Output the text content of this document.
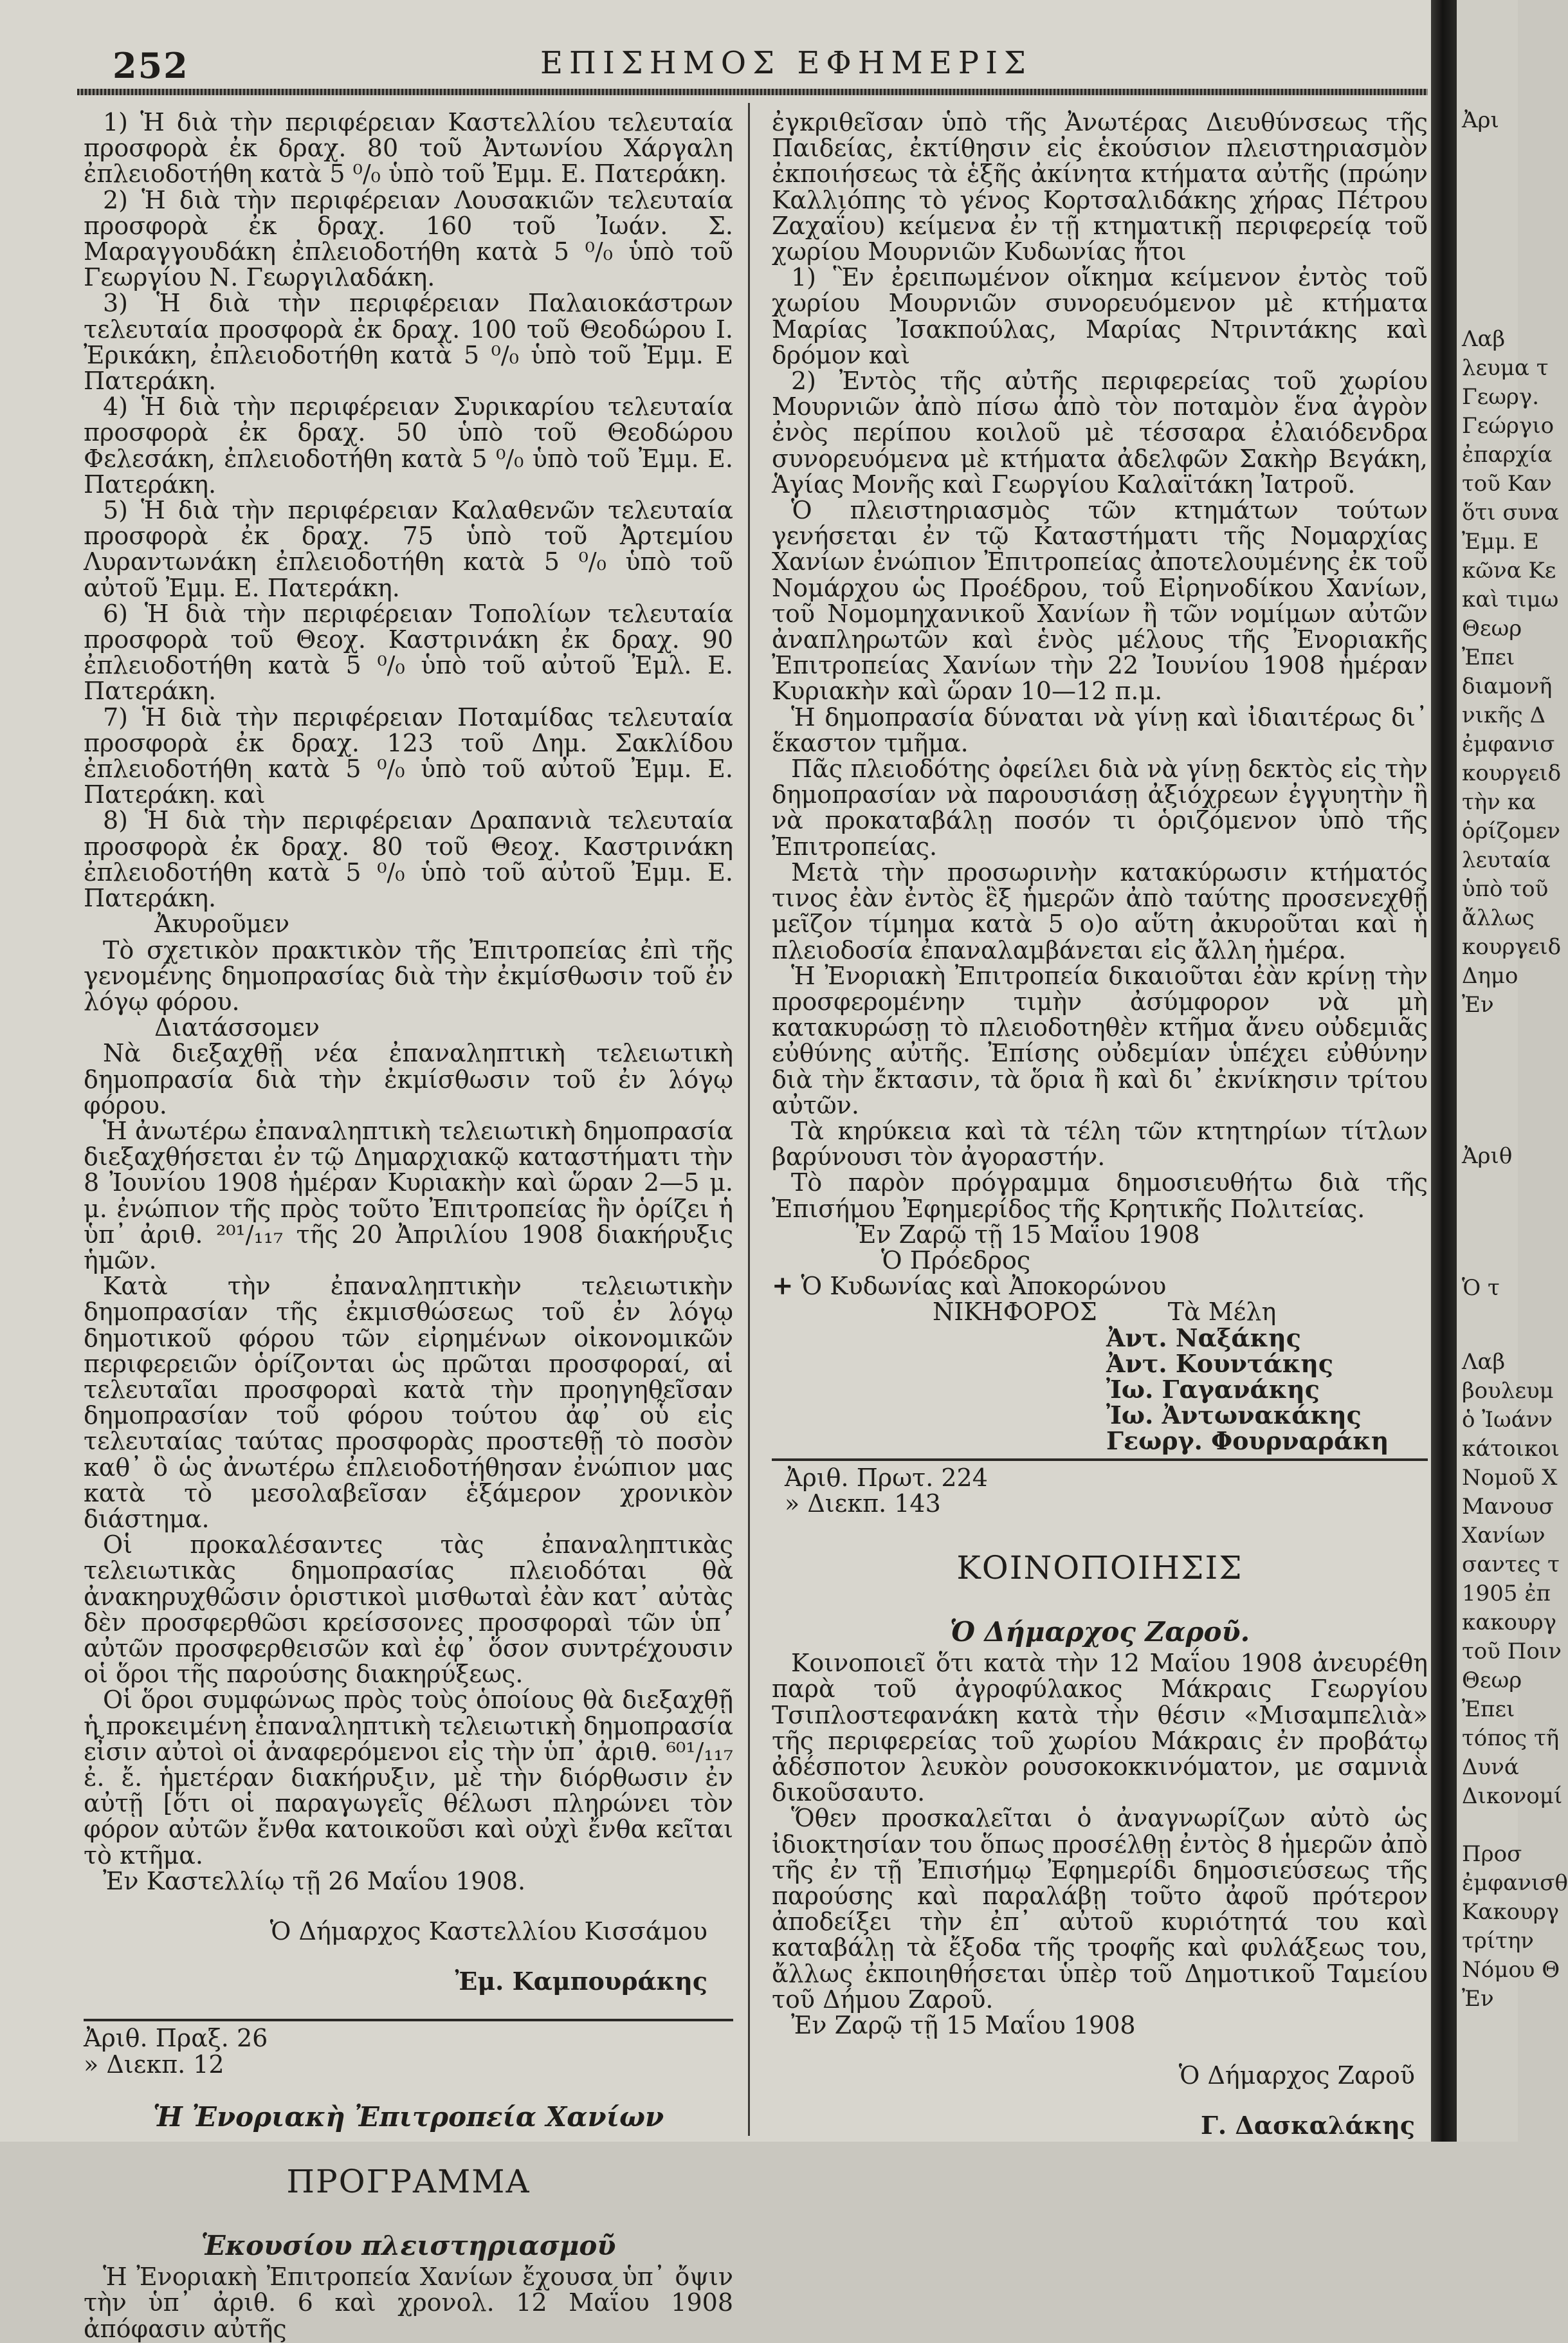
252	ΕΠΙΣΗΜΟΣ ΕΦΗΜΕΡΙΣ

1) Ἡ διὰ τὴν περιφέρειαν Καστελλίου τελευταία προσφορὰ ἐκ δραχ. 80 τοῦ Ἀντωνίου Χάργαλη ἐπλειοδοτήθη κατὰ 5 ⁰/₀ ὑπὸ τοῦ Ἐμμ. Ε. Πατεράκη.

2) Ἡ διὰ τὴν περιφέρειαν Λουσακιῶν τελευταία προσφορὰ ἐκ δραχ. 160 τοῦ Ἰωάν. Σ. Μαραγγουδάκη ἐπλειοδοτήθη κατὰ 5 ⁰/₀ ὑπὸ τοῦ Γεωργίου Ν. Γεωργιλαδάκη.

3) Ἡ διὰ τὴν περιφέρειαν Παλαιοκάστρων τελευταία προσφορὰ ἐκ δραχ. 100 τοῦ Θεοδώρου Ι. Ἐρικάκη, ἐπλειοδοτήθη κατὰ 5 ⁰/₀ ὑπὸ τοῦ Ἐμμ. Ε Πατεράκη.

4) Ἡ διὰ τὴν περιφέρειαν Συρικαρίου τελευταία προσφορὰ ἐκ δραχ. 50 ὑπὸ τοῦ Θεοδώρου Φελεσάκη, ἐπλειοδοτήθη κατὰ 5 ⁰/₀ ὑπὸ τοῦ Ἐμμ. Ε. Πατεράκη.

5) Ἡ διὰ τὴν περιφέρειαν Καλαθενῶν τελευταία προσφορὰ ἐκ δραχ. 75 ὑπὸ τοῦ Ἀρτεμίου Λυραντωνάκη ἐπλειοδοτήθη κατὰ 5 ⁰/₀ ὑπὸ τοῦ αὐτοῦ Ἐμμ. Ε. Πατεράκη.

6) Ἡ διὰ τὴν περιφέρειαν Τοπολίων τελευταία προσφορὰ τοῦ Θεοχ. Καστρινάκη ἐκ δραχ. 90 ἐπλειοδοτήθη κατὰ 5 ⁰/₀ ὑπὸ τοῦ αὐτοῦ Ἐμλ. Ε. Πατεράκη.

7) Ἡ διὰ τὴν περιφέρειαν Ποταμίδας τελευταία προσφορὰ ἐκ δραχ. 123 τοῦ Δημ. Σακλίδου ἐπλειοδοτήθη κατὰ 5 ⁰/₀ ὑπὸ τοῦ αὐτοῦ Ἐμμ. Ε. Πατεράκη. καὶ

8) Ἡ διὰ τὴν περιφέρειαν Δραπανιὰ τελευταία προσφορὰ ἐκ δραχ. 80 τοῦ Θεοχ. Καστρινάκη ἐπλειοδοτήθη κατὰ 5 ⁰/₀ ὑπὸ τοῦ αὐτοῦ Ἐμμ. Ε. Πατεράκη.

Ἀκυροῦμεν

Τὸ σχετικὸν πρακτικὸν τῆς Ἐπιτροπείας ἐπὶ τῆς γενομένης δημοπρασίας διὰ τὴν ἐκμίσθωσιν τοῦ ἐν λόγῳ φόρου.

Διατάσσομεν

Νὰ διεξαχθῇ νέα ἐπαναληπτικὴ τελειωτικὴ δημοπρασία διὰ τὴν ἐκμίσθωσιν τοῦ ἐν λόγῳ φόρου.

Ἡ ἀνωτέρω ἐπαναληπτικὴ τελειωτικὴ δημοπρασία διεξαχθήσεται ἐν τῷ Δημαρχιακῷ καταστήματι τὴν 8 Ἰουνίου 1908 ἡμέραν Κυριακὴν καὶ ὥραν 2—5 μ. μ. ἐνώπιον τῆς πρὸς τοῦτο Ἐπιτροπείας ἣν ὁρίζει ἡ ὑπ᾽ ἀριθ. ²⁰¹/₁₁₇ τῆς 20 Ἀπριλίου 1908 διακήρυξις ἡμῶν.

Κατὰ τὴν ἐπαναληπτικὴν τελειωτικὴν δημοπρασίαν τῆς ἐκμισθώσεως τοῦ ἐν λόγῳ δημοτικοῦ φόρου τῶν εἰρημένων οἰκονομικῶν περιφερειῶν ὁρίζονται ὡς πρῶται προσφοραί, αἱ τελευταῖαι προσφοραὶ κατὰ τὴν προηγηθεῖσαν δημοπρασίαν τοῦ φόρου τούτου ἀφ᾽ οὗ εἰς τελευταίας ταύτας προσφορὰς προστεθῇ τὸ ποσὸν καθ᾽ ὃ ὡς ἀνωτέρω ἐπλειοδοτήθησαν ἐνώπιον μας κατὰ τὸ μεσολαβεῖσαν ἑξάμερον χρονικὸν διάστημα.

Οἱ προκαλέσαντες τὰς ἐπαναληπτικὰς τελειωτικὰς δημοπρασίας πλειοδόται θὰ ἀνακηρυχθῶσιν ὁριστικοὶ μισθωταὶ ἐὰν κατ᾽ αὐτὰς δὲν προσφερθῶσι κρείσσονες προσφοραὶ τῶν ὑπ᾽ αὐτῶν προσφερθεισῶν καὶ ἐφ᾽ ὅσον συντρέχουσιν οἱ ὅροι τῆς παρούσης διακηρύξεως.

Οἱ ὅροι συμφώνως πρὸς τοὺς ὁποίους θὰ διεξαχθῇ ἡ προκειμένη ἐπαναληπτικὴ τελειωτικὴ δημοπρασία εἶσιν αὐτοὶ οἱ ἀναφερόμενοι εἰς τὴν ὑπ᾽ ἀριθ. ⁶⁰¹/₁₁₇ ἐ. ἔ. ἡμετέραν διακήρυξιν, μὲ τὴν διόρθωσιν ἐν αὐτῇ [ὅτι οἱ παραγωγεῖς θέλωσι πληρώνει τὸν φόρον αὐτῶν ἔνθα κατοικοῦσι καὶ οὐχὶ ἔνθα κεῖται τὸ κτῆμα.

Ἐν Καστελλίῳ τῇ 26 Μαΐου 1908.

Ὁ Δήμαρχος Καστελλίου Κισσάμου

Ἐμ. Καμπουράκης

Ἀριθ. Πραξ. 26

» Διεκπ. 12

Ἡ Ἐνοριακὴ Ἐπιτροπεία Χανίων

ΠΡΟΓΡΑΜΜΑ

Ἑκουσίου πλειστηριασμοῦ

Ἡ Ἐνοριακὴ Ἐπιτροπεία Χανίων ἔχουσα ὑπ᾽ ὄψιν τὴν ὑπ᾽ ἀριθ. 6 καὶ χρονολ. 12 Μαΐου 1908 ἀπόφασιν αὐτῆς

ἐγκριθεῖσαν ὑπὸ τῆς Ἀνωτέρας Διευθύνσεως τῆς Παιδείας, ἐκτίθησιν εἰς ἑκούσιον πλειστηριασμὸν ἐκποιήσεως τὰ ἑξῆς ἀκίνητα κτήματα αὐτῆς (πρώην Καλλιόπης τὸ γένος Κορτσαλιδάκης χήρας Πέτρου Ζαχαΐου) κείμενα ἐν τῇ κτηματικῇ περιφερείᾳ τοῦ χωρίου Μουρνιῶν Κυδωνίας ἤτοι

1) Ἓν ἐρειπωμένον οἴκημα κείμενον ἐντὸς τοῦ χωρίου Μουρνιῶν συνορευόμενον μὲ κτήματα Μαρίας Ἰσακπούλας, Μαρίας Ντριντάκης καὶ δρόμον καὶ

2) Ἐντὸς τῆς αὐτῆς περιφερείας τοῦ χωρίου Μουρνιῶν ἀπὸ πίσω ἀπὸ τὸν ποταμὸν ἕνα ἀγρὸν ἐνὸς περίπου κοιλοῦ μὲ τέσσαρα ἐλαιόδενδρα συνορευόμενα μὲ κτήματα ἀδελφῶν Σακὴρ Βεγάκη, Ἁγίας Μονῆς καὶ Γεωργίου Καλαϊτάκη Ἰατροῦ.

Ὁ πλειστηριασμὸς τῶν κτημάτων τούτων γενήσεται ἐν τῷ Καταστήματι τῆς Νομαρχίας Χανίων ἐνώπιον Ἐπιτροπείας ἀποτελουμένης ἐκ τοῦ Νομάρχου ὡς Προέδρου, τοῦ Εἰρηνοδίκου Χανίων, τοῦ Νομομηχανικοῦ Χανίων ἢ τῶν νομίμων αὐτῶν ἀναπληρωτῶν καὶ ἑνὸς μέλους τῆς Ἐνοριακῆς Ἐπιτροπείας Χανίων τὴν 22 Ἰουνίου 1908 ἡμέραν Κυριακὴν καὶ ὥραν 10—12 π.μ.

Ἡ δημοπρασία δύναται νὰ γίνῃ καὶ ἰδιαιτέρως δι᾽ ἕκαστον τμῆμα.

Πᾶς πλειοδότης ὀφείλει διὰ νὰ γίνῃ δεκτὸς εἰς τὴν δημοπρασίαν νὰ παρουσιάσῃ ἀξιόχρεων ἐγγυητὴν ἢ νὰ προκαταβάλῃ ποσόν τι ὁριζόμενον ὑπὸ τῆς Ἐπιτροπείας.

Μετὰ τὴν προσωρινὴν κατακύρωσιν κτήματός τινος ἐὰν ἐντὸς ἓξ ἡμερῶν ἀπὸ ταύτης προσενεχθῇ μεῖζον τίμημα κατὰ 5 ο)ο αὕτη ἀκυροῦται καὶ ἡ πλειοδοσία ἐπαναλαμβάνεται εἰς ἄλλη ἡμέρα.

Ἡ Ἐνοριακὴ Ἐπιτροπεία δικαιοῦται ἐὰν κρίνῃ τὴν προσφερομένην τιμὴν ἀσύμφορον νὰ μὴ κατακυρώσῃ τὸ πλειοδοτηθὲν κτῆμα ἄνευ οὐδεμιᾶς εὐθύνης αὐτῆς. Ἐπίσης οὐδεμίαν ὑπέχει εὐθύνην διὰ τὴν ἔκτασιν, τὰ ὅρια ἢ καὶ δι᾽ ἐκνίκησιν τρίτου αὐτῶν.

Τὰ κηρύκεια καὶ τὰ τέλη τῶν κτητηρίων τίτλων βαρύνουσι τὸν ἀγοραστήν.

Τὸ παρὸν πρόγραμμα δημοσιευθήτω διὰ τῆς Ἐπισήμου Ἐφημερίδος τῆς Κρητικῆς Πολιτείας.

Ἐν Ζαρῷ τῇ 15 Μαΐου 1908

Ὁ Πρόεδρος

+ Ὁ Κυδωνίας καὶ Ἀποκορώνου

ΝΙΚΗΦΟΡΟΣ	Τὰ Μέλη

Ἀντ. Ναξάκης
Ἀντ. Κουντάκης
Ἰω. Γαγανάκης
Ἰω. Ἀντωνακάκης
Γεωργ. Φουρναράκη

Ἀριθ. Πρωτ. 224

» Διεκπ. 143

ΚΟΙΝΟΠΟΙΗΣΙΣ

Ὁ Δήμαρχος Ζαροῦ.

Κοινοποιεῖ ὅτι κατὰ τὴν 12 Μαΐου 1908 ἀνευρέθη παρὰ τοῦ ἀγροφύλακος Μάκραις Γεωργίου Τσιπλοστεφανάκη κατὰ τὴν θέσιν «Μισαμπελιὰ» τῆς περιφερείας τοῦ χωρίου Μάκραις ἐν προβάτῳ ἀδέσποτον λευκὸν ρουσοκοκκινόματον, με σαμνιὰ δικοῦσαυτο.

Ὅθεν προσκαλεῖται ὁ ἀναγνωρίζων αὐτὸ ὡς ἰδιοκτησίαν του ὅπως προσέλθῃ ἐντὸς 8 ἡμερῶν ἀπὸ τῆς ἐν τῇ Ἐπισήμῳ Ἐφημερίδι δημοσιεύσεως τῆς παρούσης καὶ παραλάβῃ τοῦτο ἀφοῦ πρότερον ἀποδείξει τὴν ἐπ᾽ αὐτοῦ κυριότητά του καὶ καταβάλῃ τὰ ἔξοδα τῆς τροφῆς καὶ φυλάξεως του, ἄλλως ἐκποιηθήσεται ὑπὲρ τοῦ Δημοτικοῦ Ταμείου τοῦ Δήμου Ζαροῦ.

Ἐν Ζαρῷ τῇ 15 Μαΐου 1908

Ὁ Δήμαρχος Ζαροῦ

Γ. Δασκαλάκης

Ἀρι
Λαβ
λευμα τ
Γεωργ.
Γεώργιο
ἐπαρχία
τοῦ Καν
ὅτι συνα
Ἐμμ. Ε
κῶνα Κε
καὶ τιμω
Θεωρ
Ἐπει
διαμονῆ
νικῆς Δ
ἐμφανισ
κουργειδ
τὴν κα
ὁρίζομεν
λευταία
ὑπὸ τοῦ
ἄλλως
κουργειδ
Δημο
Ἐν
Ἀριθ
Ὁ τ
Λαβ
βουλευμ
ὁ Ἰωάνν
κάτοικοι
Νομοῦ Χ
Μανουσ
Χανίων
σαντες τ
1905 ἐπ
κακουργ
τοῦ Ποιν
Θεωρ
Ἐπει
τόπος τῆ
Δυνά
Δικονομί
Προσ
ἐμφανισθ
Κακουργ
τρίτην
Νόμου Θ
Ἐν
